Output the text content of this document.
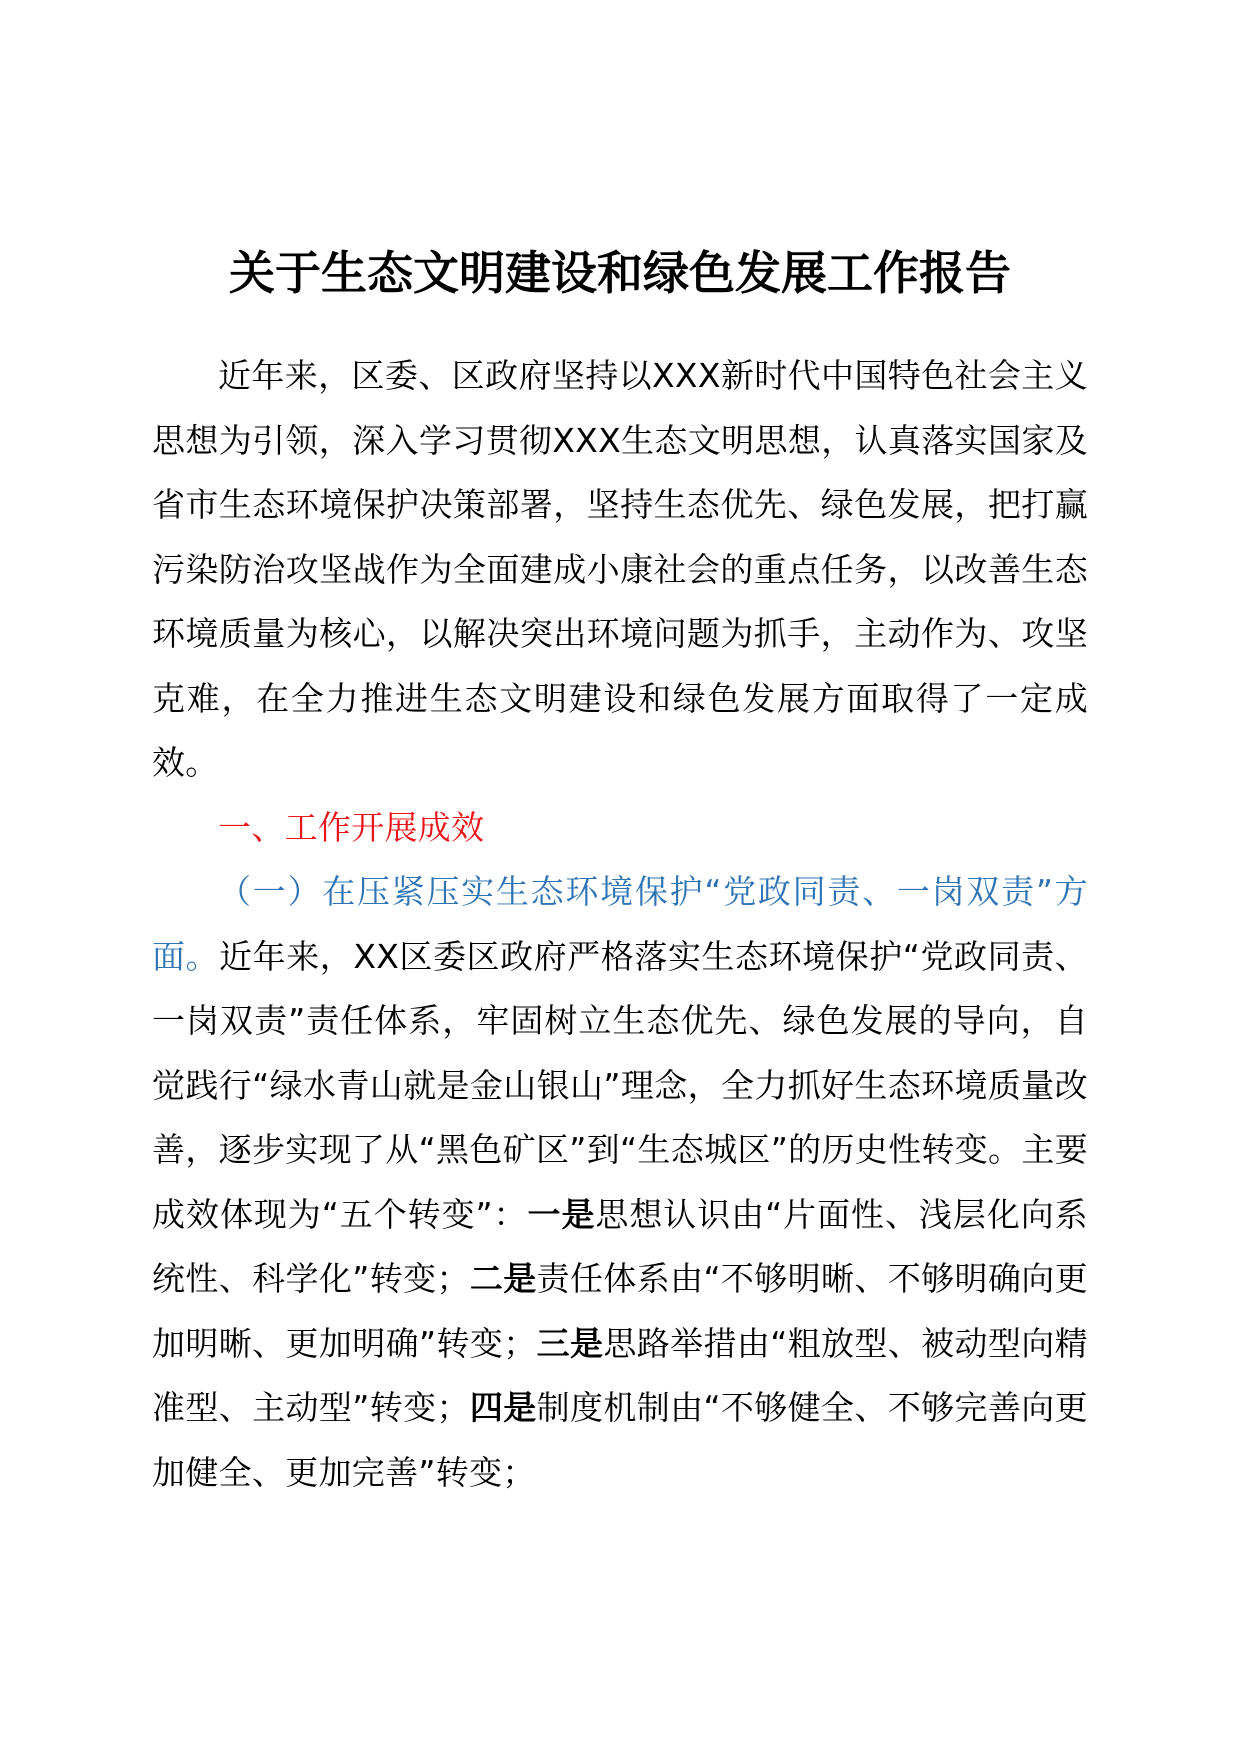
关于生态文明建设和绿色发展工作报告

近年来，区委、区政府坚持以XXX新时代中国特色社会主义思想为引领，深入学习贯彻XXX生态文明思想，认真落实国家及省市生态环境保护决策部署，坚持生态优先、绿色发展，把打赢污染防治攻坚战作为全面建成小康社会的重点任务，以改善生态环境质量为核心，以解决突出环境问题为抓手，主动作为、攻坚克难，在全力推进生态文明建设和绿色发展方面取得了一定成效。

一、工作开展成效

（一）在压紧压实生态环境保护“党政同责、一岗双责”方面。近年来，XX区委区政府严格落实生态环境保护“党政同责、一岗双责”责任体系，牢固树立生态优先、绿色发展的导向，自觉践行“绿水青山就是金山银山”理念，全力抓好生态环境质量改善，逐步实现了从“黑色矿区”到“生态城区”的历史性转变。主要成效体现为“五个转变”：一是思想认识由“片面性、浅层化向系统性、科学化”转变；二是责任体系由“不够明晰、不够明确向更加明晰、更加明确”转变；三是思路举措由“粗放型、被动型向精准型、主动型”转变；四是制度机制由“不够健全、不够完善向更加健全、更加完善”转变；
